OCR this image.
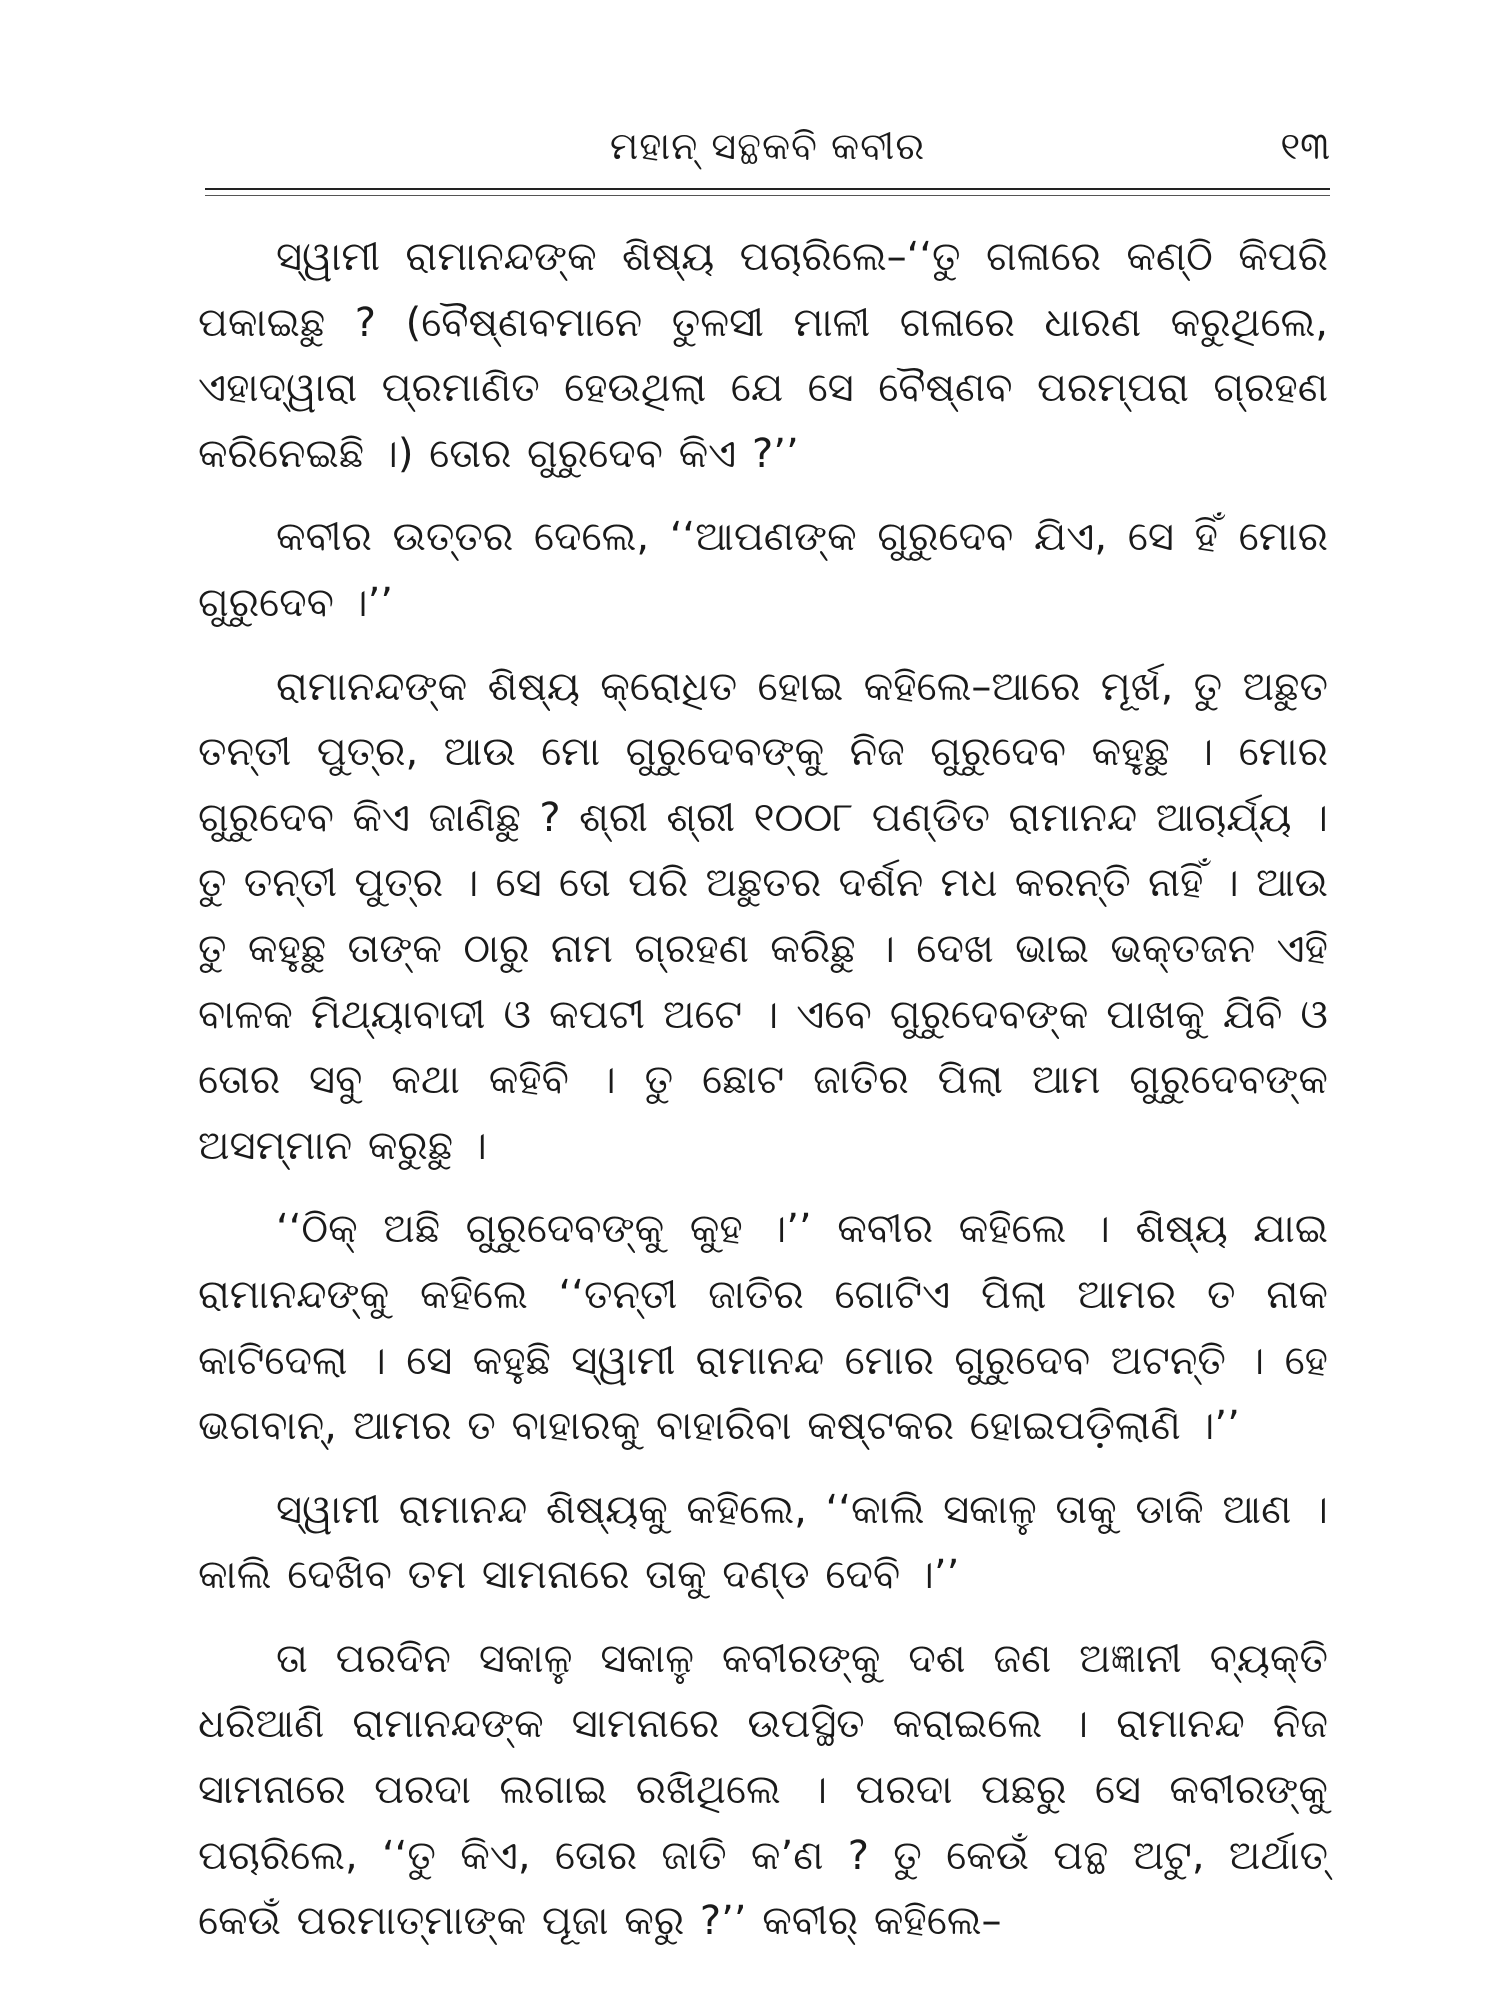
ମହାନ୍ ସନ୍ଥକବି କବୀର	୧୩

ସ୍ୱାମୀ ରାମାନନ୍ଦଙ୍କ ଶିଷ୍ୟ ପଚାରିଲେ–‘‘ତୁ ଗଳାରେ କଣ୍ଠି କିପରି ପକାଇଛୁ ? (ବୈଷ୍ଣବମାନେ ତୁଳସୀ ମାଳୀ ଗଳାରେ ଧାରଣ କରୁଥିଲେ, ଏହାଦ୍ୱାରା ପ୍ରମାଣିତ ହେଉଥିଲା ଯେ ସେ ବୈଷ୍ଣବ ପରମ୍ପରା ଗ୍ରହଣ କରିନେଇଛି ।) ତୋର ଗୁରୁଦେବ କିଏ ?’’

କବୀର ଉତ୍ତର ଦେଲେ, ‘‘ଆପଣଙ୍କ ଗୁରୁଦେବ ଯିଏ, ସେ ହିଁ ମୋର ଗୁରୁଦେବ ।’’

ରାମାନନ୍ଦଙ୍କ ଶିଷ୍ୟ କ୍ରୋଧିତ ହୋଇ କହିଲେ–ଆରେ ମୂର୍ଖ, ତୁ ଅଛୁତ ତନ୍ତୀ ପୁତ୍ର, ଆଉ ମୋ ଗୁରୁଦେବଙ୍କୁ ନିଜ ଗୁରୁଦେବ କହୁଛୁ । ମୋର ଗୁରୁଦେବ କିଏ ଜାଣିଛୁ ? ଶ୍ରୀ ଶ୍ରୀ ୧୦୦୮ ପଣ୍ଡିତ ରାମାନନ୍ଦ ଆଚାର୍ଯ୍ୟ । ତୁ ତନ୍ତୀ ପୁତ୍ର । ସେ ତୋ ପରି ଅଛୁତର ଦର୍ଶନ ମଧ କରନ୍ତି ନାହିଁ । ଆଉ ତୁ କହୁଛୁ ତାଙ୍କ ଠାରୁ ନାମ ଗ୍ରହଣ କରିଛୁ । ଦେଖ ଭାଇ ଭକ୍ତଜନ ଏହି ବାଳକ ମିଥ୍ୟାବାଦୀ ଓ କପଟୀ ଅଟେ । ଏବେ ଗୁରୁଦେବଙ୍କ ପାଖକୁ ଯିବି ଓ ତୋର ସବୁ କଥା କହିବି । ତୁ ଛୋଟ ଜାତିର ପିଲା ଆମ ଗୁରୁଦେବଙ୍କ ଅସମ୍ମାନ କରୁଛୁ ।

‘‘ଠିକ୍ ଅଛି ଗୁରୁଦେବଙ୍କୁ କୁହ ।’’ କବୀର କହିଲେ । ଶିଷ୍ୟ ଯାଇ ରାମାନନ୍ଦଙ୍କୁ କହିଲେ ‘‘ତନ୍ତୀ ଜାତିର ଗୋଟିଏ ପିଲା ଆମର ତ ନାକ କାଟିଦେଲା । ସେ କହୁଛି ସ୍ୱାମୀ ରାମାନନ୍ଦ ମୋର ଗୁରୁଦେବ ଅଟନ୍ତି । ହେ ଭଗବାନ୍, ଆମର ତ ବାହାରକୁ ବାହାରିବା କଷ୍ଟକର ହୋଇପଡ଼ିଲାଣି ।’’

ସ୍ୱାମୀ ରାମାନନ୍ଦ ଶିଷ୍ୟକୁ କହିଲେ, ‘‘କାଲି ସକାଳୁ ତାକୁ ଡାକି ଆଣ । କାଲି ଦେଖିବ ତମ ସାମନାରେ ତାକୁ ଦଣ୍ଡ ଦେବି ।’’

ତା ପରଦିନ ସକାଳୁ ସକାଳୁ କବୀରଙ୍କୁ ଦଶ ଜଣ ଅଜ୍ଞାନୀ ବ୍ୟକ୍ତି ଧରିଆଣି ରାମାନନ୍ଦଙ୍କ ସାମନାରେ ଉପସ୍ଥିତ କରାଇଲେ । ରାମାନନ୍ଦ ନିଜ ସାମନାରେ ପରଦା ଲଗାଇ ରଖିଥିଲେ । ପରଦା ପଛରୁ ସେ କବୀରଙ୍କୁ ପଚାରିଲେ, ‘‘ତୁ କିଏ, ତୋର ଜାତି କ’ଣ ? ତୁ କେଉଁ ପନ୍ଥ ଅଟୁ, ଅର୍ଥାତ୍ କେଉଁ ପରମାତ୍ମାଙ୍କ ପୂଜା କରୁ ?’’ କବୀର୍ କହିଲେ–
